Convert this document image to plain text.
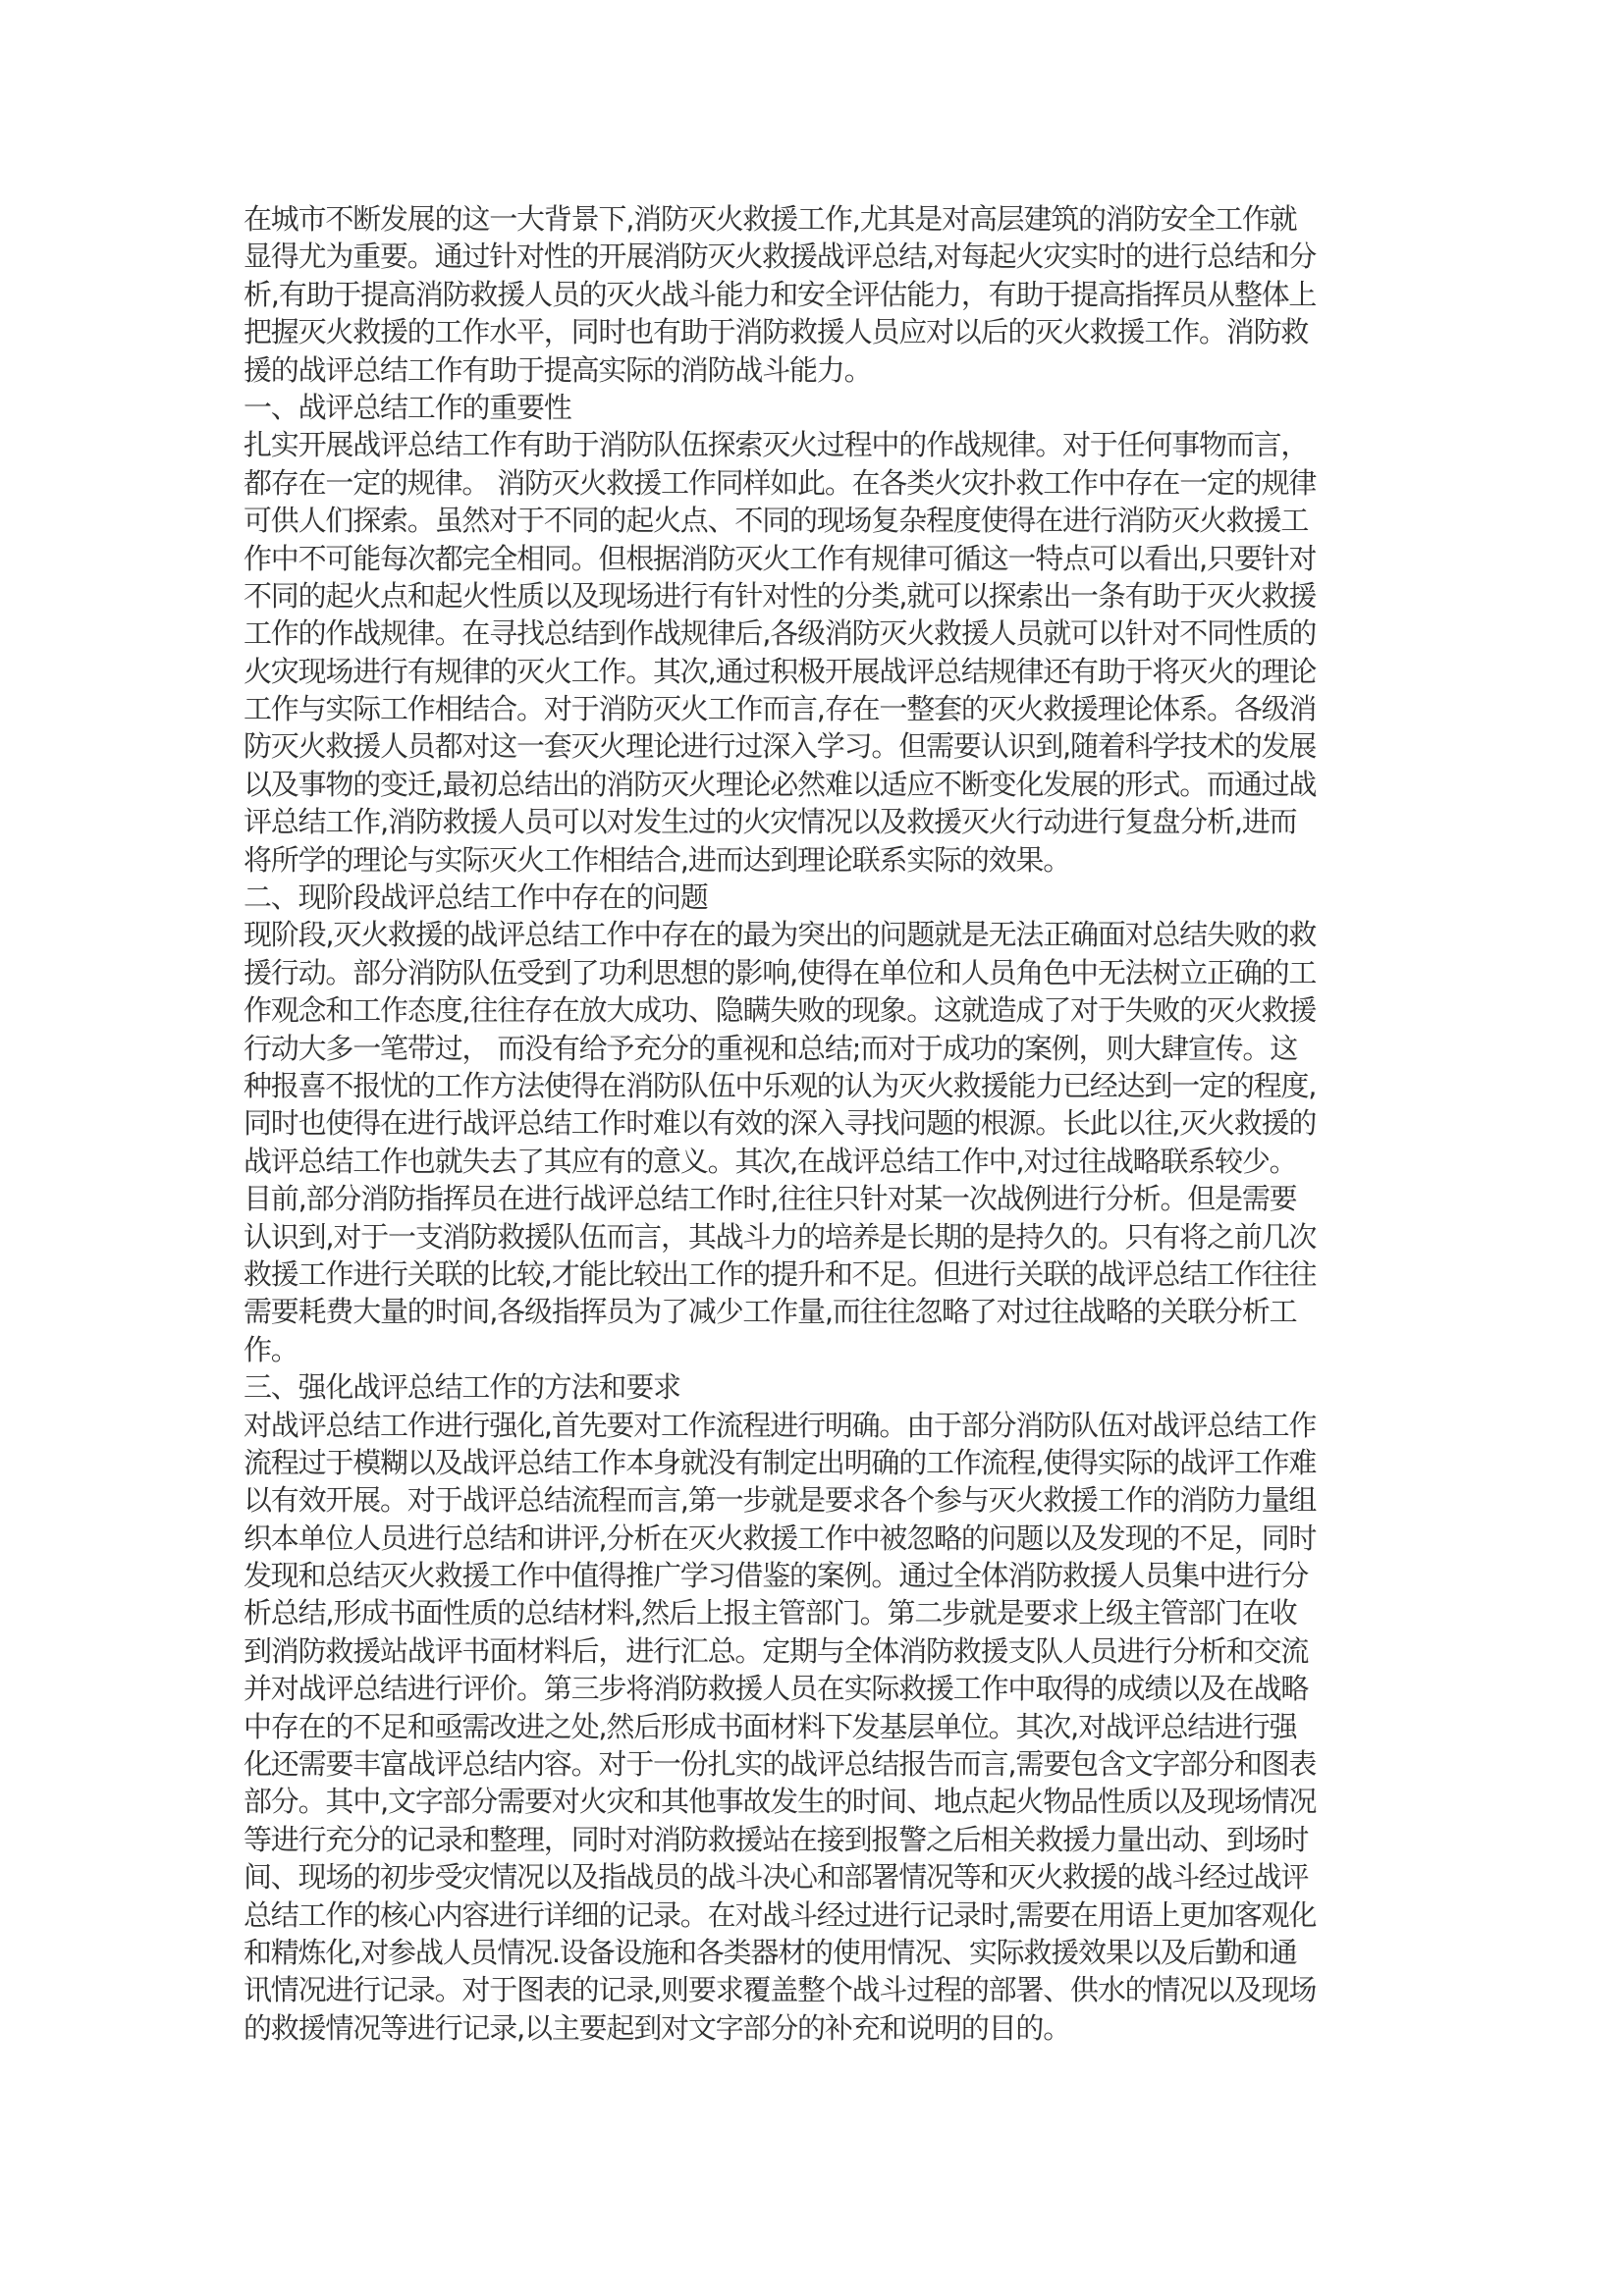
在城市不断发展的这一大背景下,消防灭火救援工作,尤其是对高层建筑的消防安全工作就
显得尤为重要。通过针对性的开展消防灭火救援战评总结,对每起火灾实时的进行总结和分
析,有助于提高消防救援人员的灭火战斗能力和安全评估能力，有助于提高指挥员从整体上
把握灭火救援的工作水平，同时也有助于消防救援人员应对以后的灭火救援工作。消防救
援的战评总结工作有助于提高实际的消防战斗能力。
一、战评总结工作的重要性
扎实开展战评总结工作有助于消防队伍探索灭火过程中的作战规律。对于任何事物而言，
都存在一定的规律。 消防灭火救援工作同样如此。在各类火灾扑救工作中存在一定的规律
可供人们探索。虽然对于不同的起火点、不同的现场复杂程度使得在进行消防灭火救援工
作中不可能每次都完全相同。但根据消防灭火工作有规律可循这一特点可以看出,只要针对
不同的起火点和起火性质以及现场进行有针对性的分类,就可以探索出一条有助于灭火救援
工作的作战规律。在寻找总结到作战规律后,各级消防灭火救援人员就可以针对不同性质的
火灾现场进行有规律的灭火工作。其次,通过积极开展战评总结规律还有助于将灭火的理论
工作与实际工作相结合。对于消防灭火工作而言,存在一整套的灭火救援理论体系。各级消
防灭火救援人员都对这一套灭火理论进行过深入学习。但需要认识到,随着科学技术的发展
以及事物的变迁,最初总结出的消防灭火理论必然难以适应不断变化发展的形式。而通过战
评总结工作,消防救援人员可以对发生过的火灾情况以及救援灭火行动进行复盘分析,进而
将所学的理论与实际灭火工作相结合,进而达到理论联系实际的效果。
二、现阶段战评总结工作中存在的问题
现阶段,灭火救援的战评总结工作中存在的最为突出的问题就是无法正确面对总结失败的救
援行动。部分消防队伍受到了功利思想的影响,使得在单位和人员角色中无法树立正确的工
作观念和工作态度,往往存在放大成功、隐瞒失败的现象。这就造成了对于失败的灭火救援
行动大多一笔带过， 而没有给予充分的重视和总结;而对于成功的案例，则大肆宣传。这
种报喜不报忧的工作方法使得在消防队伍中乐观的认为灭火救援能力已经达到一定的程度,
同时也使得在进行战评总结工作时难以有效的深入寻找问题的根源。长此以往,灭火救援的
战评总结工作也就失去了其应有的意义。其次,在战评总结工作中,对过往战略联系较少。
目前,部分消防指挥员在进行战评总结工作时,往往只针对某一次战例进行分析。但是需要
认识到,对于一支消防救援队伍而言，其战斗力的培养是长期的是持久的。只有将之前几次
救援工作进行关联的比较,才能比较出工作的提升和不足。但进行关联的战评总结工作往往
需要耗费大量的时间,各级指挥员为了减少工作量,而往往忽略了对过往战略的关联分析工
作。
三、强化战评总结工作的方法和要求
对战评总结工作进行强化,首先要对工作流程进行明确。由于部分消防队伍对战评总结工作
流程过于模糊以及战评总结工作本身就没有制定出明确的工作流程,使得实际的战评工作难
以有效开展。对于战评总结流程而言,第一步就是要求各个参与灭火救援工作的消防力量组
织本单位人员进行总结和讲评,分析在灭火救援工作中被忽略的问题以及发现的不足，同时
发现和总结灭火救援工作中值得推广学习借鉴的案例。通过全体消防救援人员集中进行分
析总结,形成书面性质的总结材料,然后上报主管部门。第二步就是要求上级主管部门在收
到消防救援站战评书面材料后，进行汇总。定期与全体消防救援支队人员进行分析和交流
并对战评总结进行评价。第三步将消防救援人员在实际救援工作中取得的成绩以及在战略
中存在的不足和亟需改进之处,然后形成书面材料下发基层单位。其次,对战评总结进行强
化还需要丰富战评总结内容。对于一份扎实的战评总结报告而言,需要包含文字部分和图表
部分。其中,文字部分需要对火灾和其他事故发生的时间、地点起火物品性质以及现场情况
等进行充分的记录和整理，同时对消防救援站在接到报警之后相关救援力量出动、到场时
间、现场的初步受灾情况以及指战员的战斗决心和部署情况等和灭火救援的战斗经过战评
总结工作的核心内容进行详细的记录。在对战斗经过进行记录时,需要在用语上更加客观化
和精炼化,对参战人员情况.设备设施和各类器材的使用情况、实际救援效果以及后勤和通
讯情况进行记录。对于图表的记录,则要求覆盖整个战斗过程的部署、供水的情况以及现场
的救援情况等进行记录,以主要起到对文字部分的补充和说明的目的。
